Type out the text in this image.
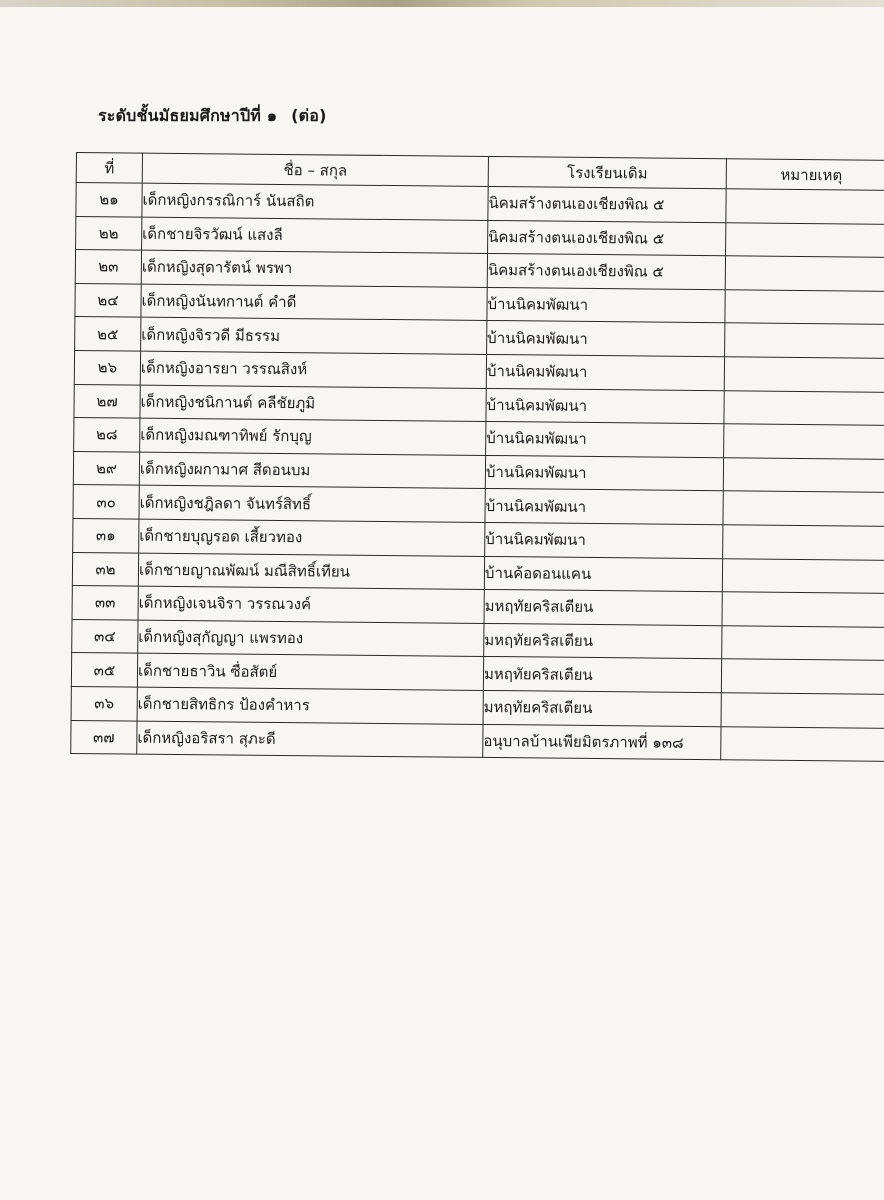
ระดับชั้นมัธยมศึกษาปีที่ ๑ (ต่อ)
ที่	ชื่อ – สกุล	โรงเรียนเดิม	หมายเหตุ
๒๑	เด็กหญิงกรรณิการ์ นันสถิต	นิคมสร้างตนเองเชียงพิณ ๕	
๒๒	เด็กชายจิรวัฒน์ แสงลี	นิคมสร้างตนเองเชียงพิณ ๕	
๒๓	เด็กหญิงสุดารัตน์ พรพา	นิคมสร้างตนเองเชียงพิณ ๕	
๒๔	เด็กหญิงนันทกานต์ คำดี	บ้านนิคมพัฒนา	
๒๕	เด็กหญิงจิรวดี มีธรรม	บ้านนิคมพัฒนา	
๒๖	เด็กหญิงอารยา วรรณสิงห์	บ้านนิคมพัฒนา	
๒๗	เด็กหญิงชนิกานต์ คลีชัยภูมิ	บ้านนิคมพัฒนา	
๒๘	เด็กหญิงมณฑาทิพย์ รักบุญ	บ้านนิคมพัฒนา	
๒๙	เด็กหญิงผกามาศ สีดอนบม	บ้านนิคมพัฒนา	
๓๐	เด็กหญิงชฎิลดา จันทร์สิทธิ์	บ้านนิคมพัฒนา	
๓๑	เด็กชายบุญรอด เสี้ยวทอง	บ้านนิคมพัฒนา	
๓๒	เด็กชายญาณพัฒน์ มณีสิทธิ์เทียน	บ้านค้อดอนแคน	
๓๓	เด็กหญิงเจนจิรา วรรณวงค์	มหฤทัยคริสเตียน	
๓๔	เด็กหญิงสุกัญญา แพรทอง	มหฤทัยคริสเตียน	
๓๕	เด็กชายธาวิน ซื่อสัตย์	มหฤทัยคริสเตียน	
๓๖	เด็กชายสิทธิกร ป้องคำหาร	มหฤทัยคริสเตียน	
๓๗	เด็กหญิงอริสรา สุภะดี	อนุบาลบ้านเพียมิตรภาพที่ ๑๓๘	
